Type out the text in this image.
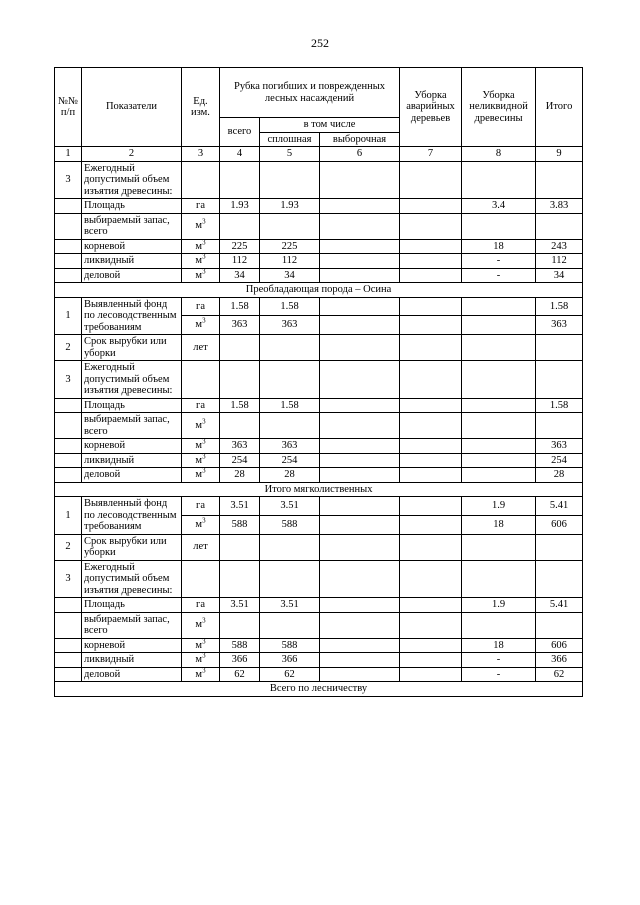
252
№№ п/п	Показатели	Ед. изм.	Рубка погибших и поврежденных лесных насаждений			Уборка аварийных деревьев	Уборка неликвидной древесины	Итого
			всего	в том числе				
				сплошная	выборочная			
1	2	3	4	5	6	7	8	9
3	Ежегодный допустимый объем изъятия древесины:							
	Площадь	га	1.93	1.93			3.4	3.83
	выбираемый запас, всего	$м^3$						
	корневой	$м^3$	225	225			18	243
	ликвидный	$м^3$	112	112			-	112
	деловой	$м^3$	34	34			-	34
Преобладающая порода – Осина								
1	Выявленный фонд по лесоводственным требованиям	га	1.58	1.58				1.58
		$м^3$	363	363				363
2	Срок вырубки или уборки	лет						
3	Ежегодный допустимый объем изъятия древесины:							
	Площадь	га	1.58	1.58				1.58
	выбираемый запас, всего	$м^3$						
	корневой	$м^3$	363	363				363
	ликвидный	$м^3$	254	254				254
	деловой	$м^3$	28	28				28
Итого мягколиственных								
1	Выявленный фонд по лесоводственным требованиям	га	3.51	3.51			1.9	5.41
		$м^3$	588	588			18	606
2	Срок вырубки или уборки	лет						
3	Ежегодный допустимый объем изъятия древесины:							
	Площадь	га	3.51	3.51			1.9	5.41
	выбираемый запас, всего	$м^3$						
	корневой	$м^3$	588	588			18	606
	ликвидный	$м^3$	366	366			-	366
	деловой	$м^3$	62	62			-	62
Всего по лесничеству								
